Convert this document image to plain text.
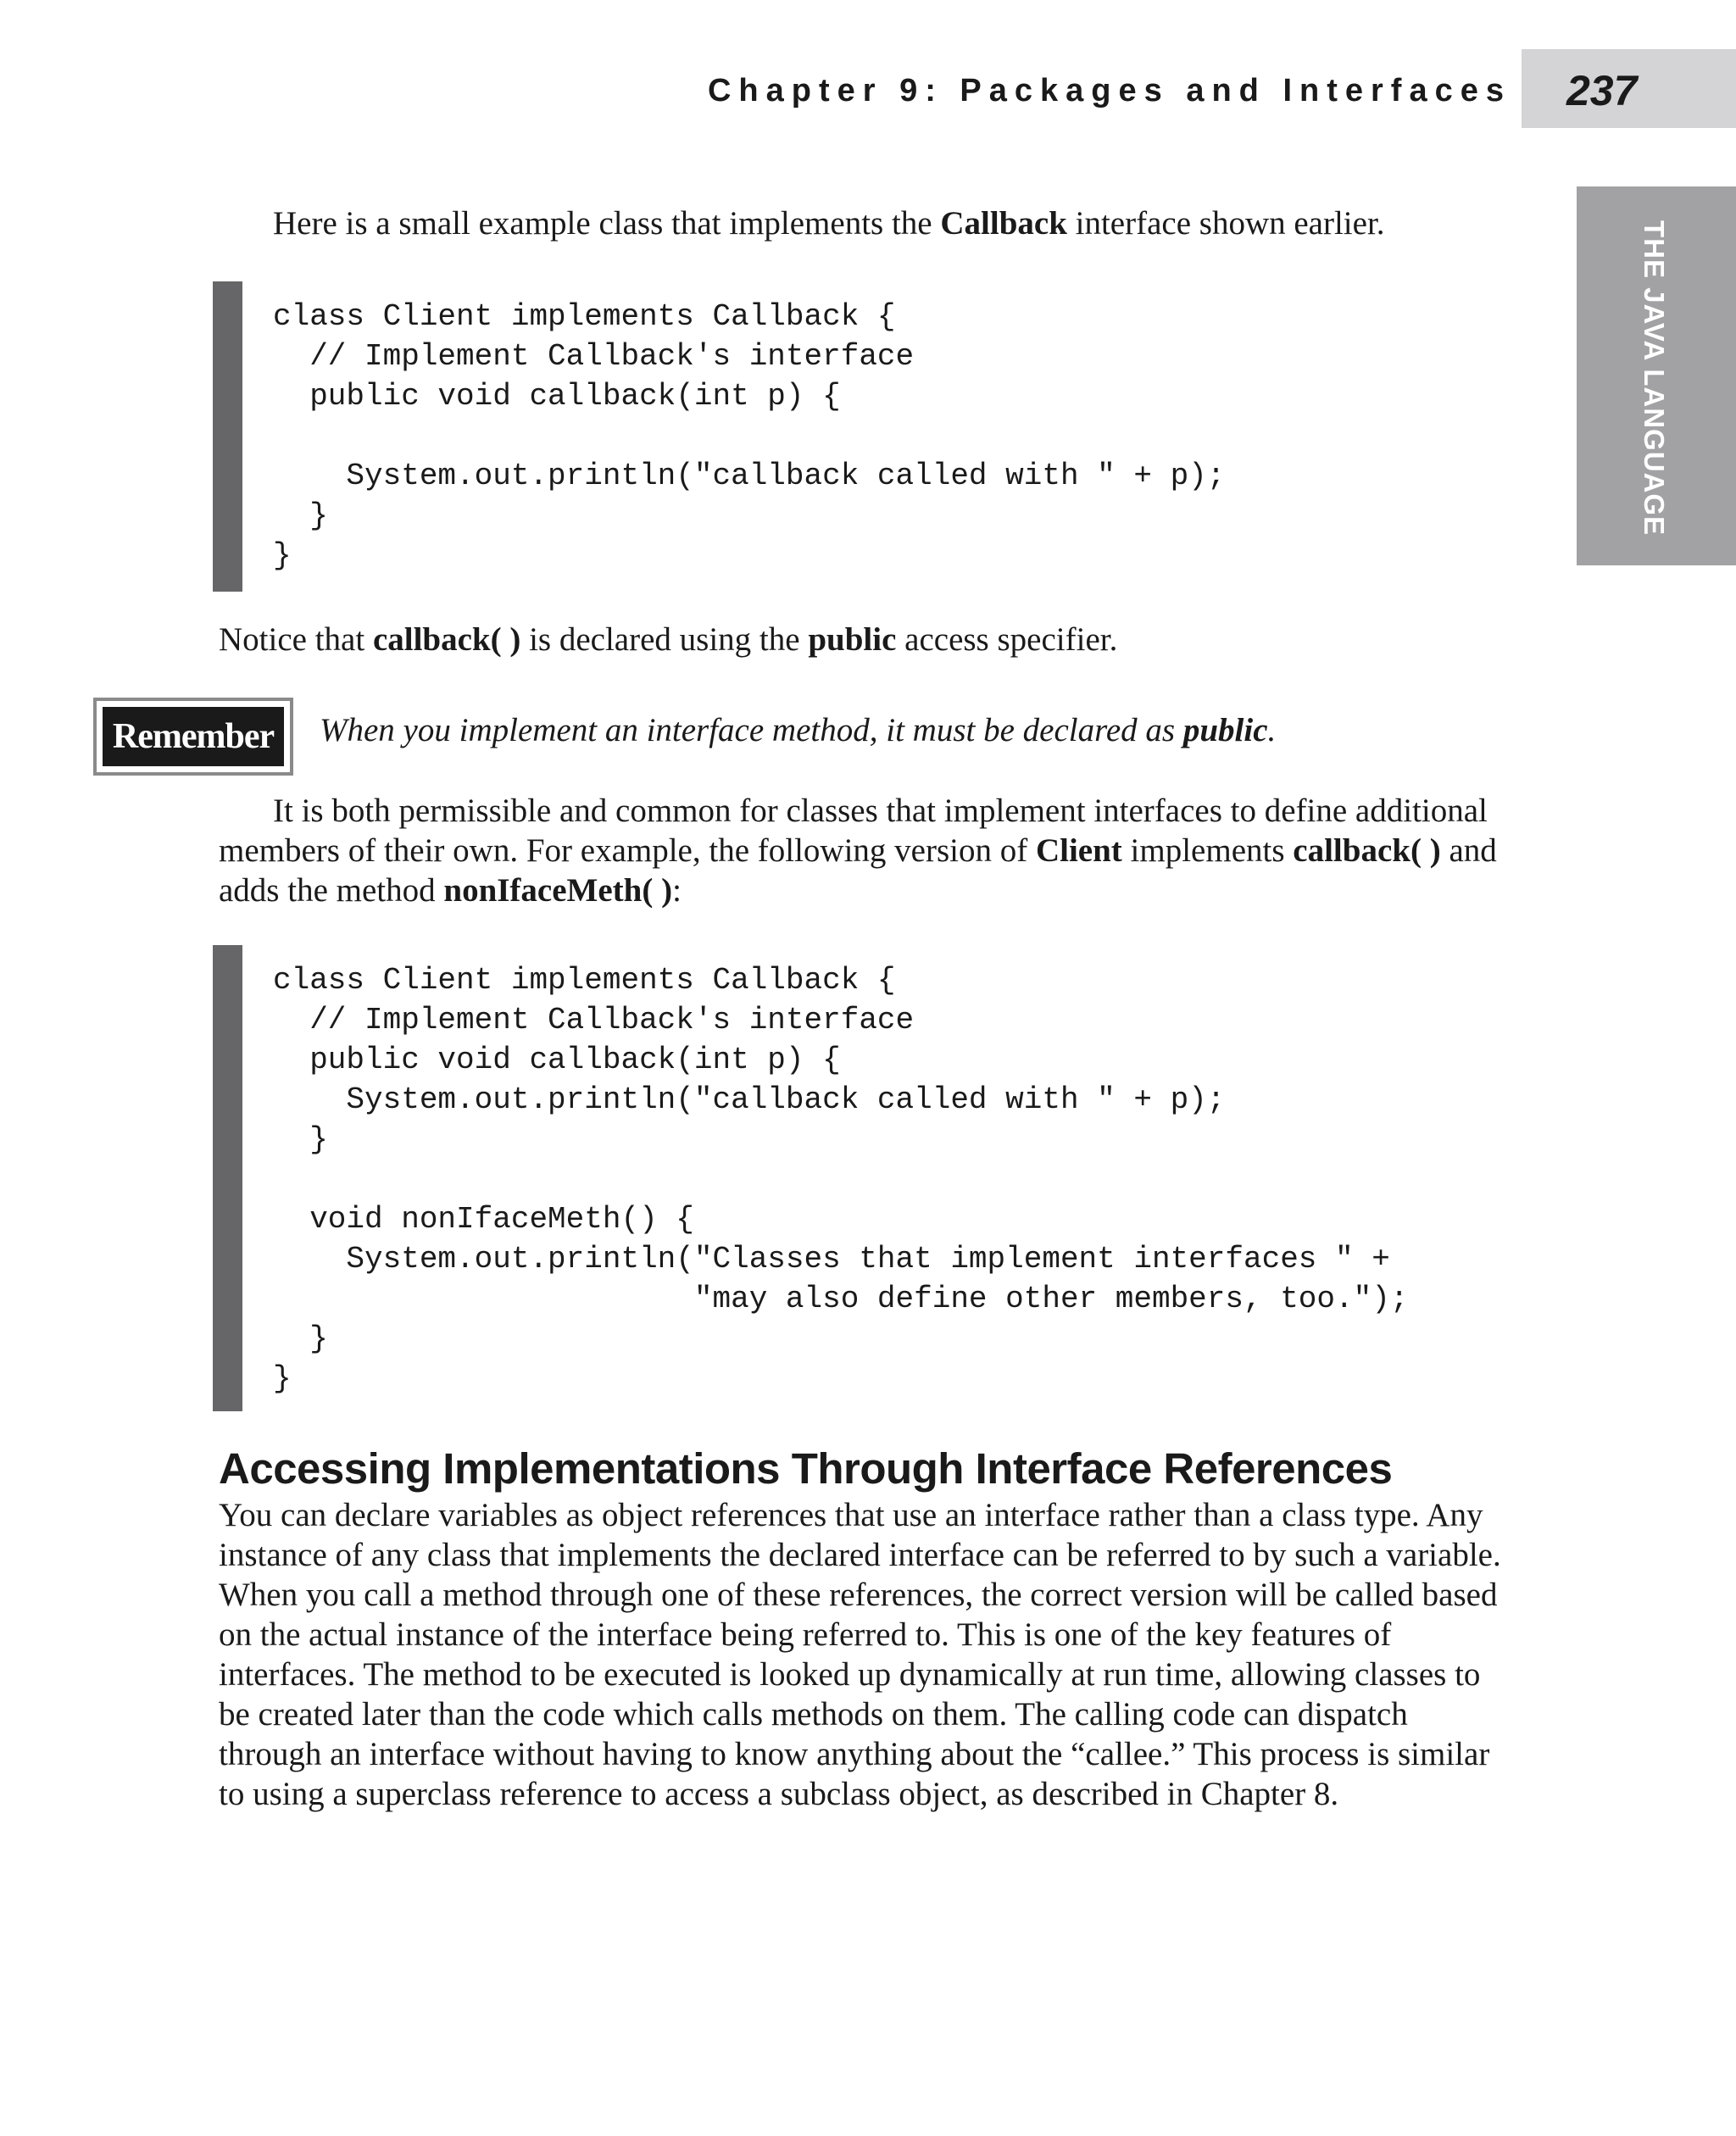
Chapter 9: Packages and Interfaces 237
THE JAVA LANGUAGE

Here is a small example class that implements the Callback interface shown earlier.

class Client implements Callback {
// Implement Callback's interface
public void callback(int p) {

System.out.println("callback called with " + p);
}
}

Notice that callback( ) is declared using the public access specifier.

Remember	When you implement an interface method, it must be declared as public.

It is both permissible and common for classes that implement interfaces to define additional members of their own. For example, the following version of Client implements callback( ) and adds the method nonIfaceMeth( ):

class Client implements Callback {
// Implement Callback's interface
public void callback(int p) {
System.out.println("callback called with " + p);
}

void nonIfaceMeth() {
System.out.println("Classes that implement interfaces " +
"may also define other members, too.");
}
}
Accessing Implementations Through Interface References

You can declare variables as object references that use an interface rather than a class type. Any instance of any class that implements the declared interface can be referred to by such a variable. When you call a method through one of these references, the correct version will be called based on the actual instance of the interface being referred to. This is one of the key features of interfaces. The method to be executed is looked up dynamically at run time, allowing classes to be created later than the code which calls methods on them. The calling code can dispatch through an interface without having to know anything about the “callee.” This process is similar to using a superclass reference to access a subclass object, as described in Chapter 8.
